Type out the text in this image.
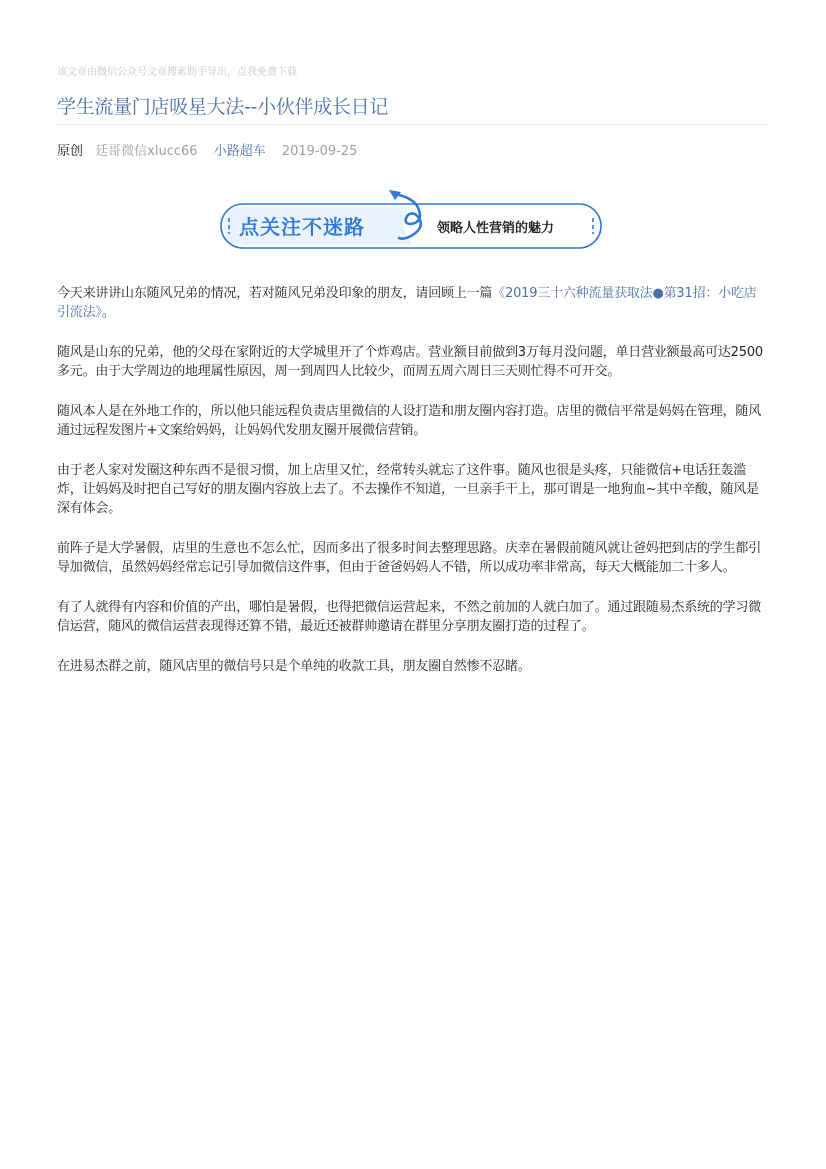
该文章由微信公众号文章搜索助手导出，点我免费下载
学生流量门店吸星大法--小伙伴成长日记
原创 廷哥微信xlucc66 小路超车 2019-09-25
点关注不迷路	领略人性营销的魅力

今天来讲讲山东随风兄弟的情况，若对随风兄弟没印象的朋友，请回顾上一篇《2019三十六种流量获取法●第31招：小吃店引流法》。

随风是山东的兄弟，他的父母在家附近的大学城里开了个炸鸡店。营业额目前做到3万每月没问题，单日营业额最高可达2500多元。由于大学周边的地理属性原因，周一到周四人比较少，而周五周六周日三天则忙得不可开交。

随风本人是在外地工作的，所以他只能远程负责店里微信的人设打造和朋友圈内容打造。店里的微信平常是妈妈在管理，随风通过远程发图片+文案给妈妈，让妈妈代发朋友圈开展微信营销。

由于老人家对发圈这种东西不是很习惯，加上店里又忙，经常转头就忘了这件事。随风也很是头疼，只能微信+电话狂轰滥炸，让妈妈及时把自己写好的朋友圈内容放上去了。不去操作不知道，一旦亲手干上，那可谓是一地狗血~其中辛酸，随风是深有体会。

前阵子是大学暑假，店里的生意也不怎么忙，因而多出了很多时间去整理思路。庆幸在暑假前随风就让爸妈把到店的学生都引导加微信，虽然妈妈经常忘记引导加微信这件事，但由于爸爸妈妈人不错，所以成功率非常高，每天大概能加二十多人。

有了人就得有内容和价值的产出，哪怕是暑假，也得把微信运营起来，不然之前加的人就白加了。通过跟随易杰系统的学习微信运营，随风的微信运营表现得还算不错，最近还被群帅邀请在群里分享朋友圈打造的过程了。

在进易杰群之前，随风店里的微信号只是个单纯的收款工具，朋友圈自然惨不忍睹。
